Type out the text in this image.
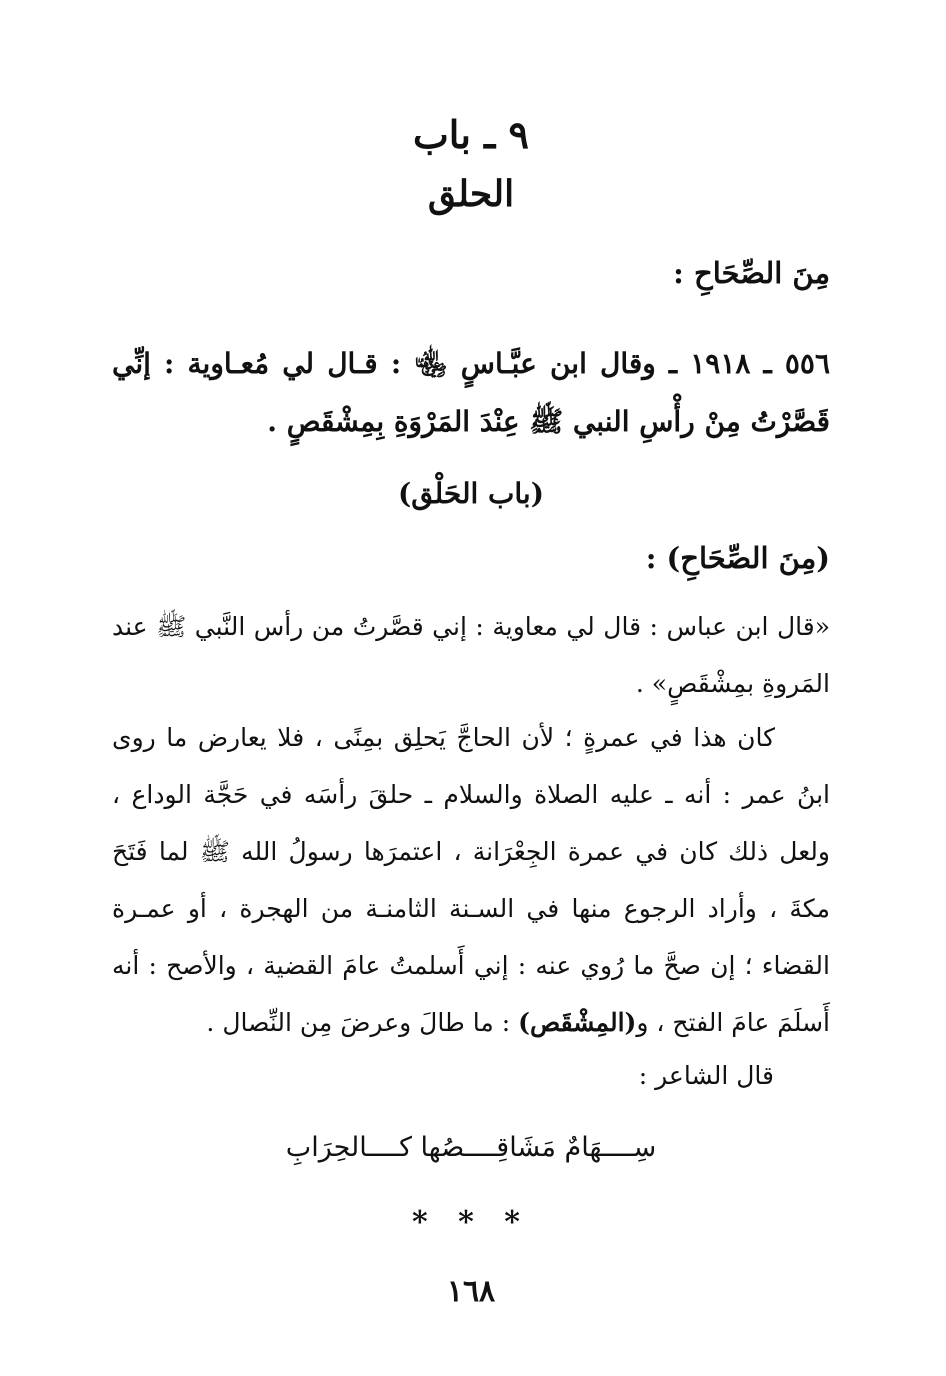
٩ ـ باب
الحلق
مِنَ الصِّحَاحِ :
٥٥٦ ـ ١٩١٨ ـ وقال ابن عبَّـاسٍ ﵄ : قـال لي مُعـاوية : إنِّي قَصَّرْتُ مِنْ رأْسِ النبي ﷺ عِنْدَ المَرْوَةِ بِمِشْقَصٍ .
(باب الحَلْق)
(مِنَ الصِّحَاحِ) :
«قال ابن عباس : قال لي معاوية : إني قصَّرتُ من رأس النَّبي ﷺ عند المَروةِ بمِشْقَصٍ» .
كان هذا في عمرةٍ ؛ لأن الحاجَّ يَحلِق بمِنًى ، فلا يعارض ما روى ابنُ عمر : أنه ـ عليه الصلاة والسلام ـ حلقَ رأسَه في حَجَّة الوداع ، ولعل ذلك كان في عمرة الجِعْرَانة ، اعتمرَها رسولُ الله ﷺ لما فَتَحَ مكةَ ، وأراد الرجوع منها في السـنة الثامنـة من الهجرة ، أو عمـرة القضاء ؛ إن صحَّ ما رُوي عنه : إني أَسلمتُ عامَ القضية ، والأصح : أنه أَسلَمَ عامَ الفتح ، و(المِشْقَص) : ما طالَ وعرضَ مِن النِّصال .
قال الشاعر :
سِــــهَامٌ مَشَاقِــــصُها كــــالحِرَابِ
* * *
١٦٨
